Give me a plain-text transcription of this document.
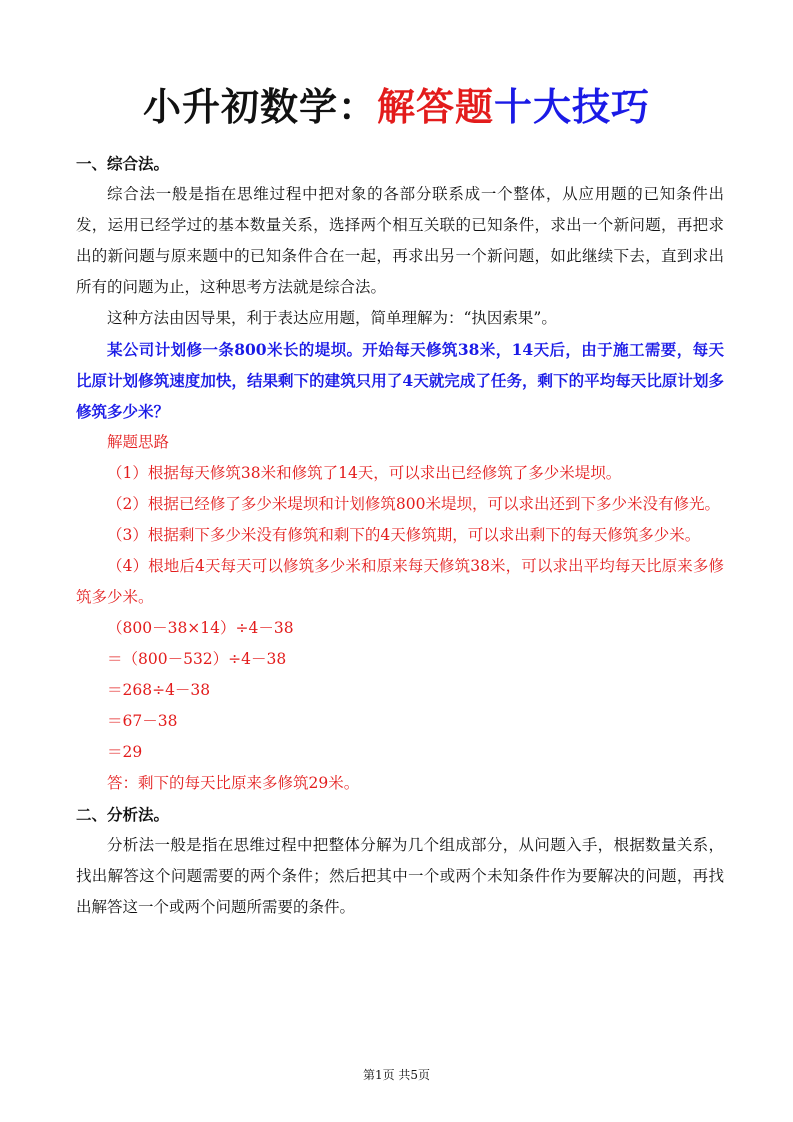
小升初数学：解答题十大技巧
一、综合法。
综合法一般是指在思维过程中把对象的各部分联系成一个整体，从应用题的已知条件出发，运用已经学过的基本数量关系，选择两个相互关联的已知条件，求出一个新问题，再把求出的新问题与原来题中的已知条件合在一起，再求出另一个新问题，如此继续下去，直到求出所有的问题为止，这种思考方法就是综合法。
这种方法由因导果，利于表达应用题，简单理解为：“执因索果”。
某公司计划修一条800米长的堤坝。开始每天修筑38米，14天后，由于施工需要，每天比原计划修筑速度加快，结果剩下的建筑只用了4天就完成了任务，剩下的平均每天比原计划多修筑多少米？
解题思路
（1）根据每天修筑38米和修筑了14天，可以求出已经修筑了多少米堤坝。
（2）根据已经修了多少米堤坝和计划修筑800米堤坝，可以求出还到下多少米没有修光。
（3）根据剩下多少米没有修筑和剩下的4天修筑期，可以求出剩下的每天修筑多少米。
（4）根地后4天每天可以修筑多少米和原来每天修筑38米，可以求出平均每天比原来多修筑多少米。
（800－38×14）÷4－38
＝（800－532）÷4－38
＝268÷4－38
＝67－38
＝29
答：剩下的每天比原来多修筑29米。
二、分析法。
分析法一般是指在思维过程中把整体分解为几个组成部分，从问题入手，根据数量关系，找出解答这个问题需要的两个条件；然后把其中一个或两个未知条件作为要解决的问题，再找出解答这一个或两个问题所需要的条件。
第1页 共5页
